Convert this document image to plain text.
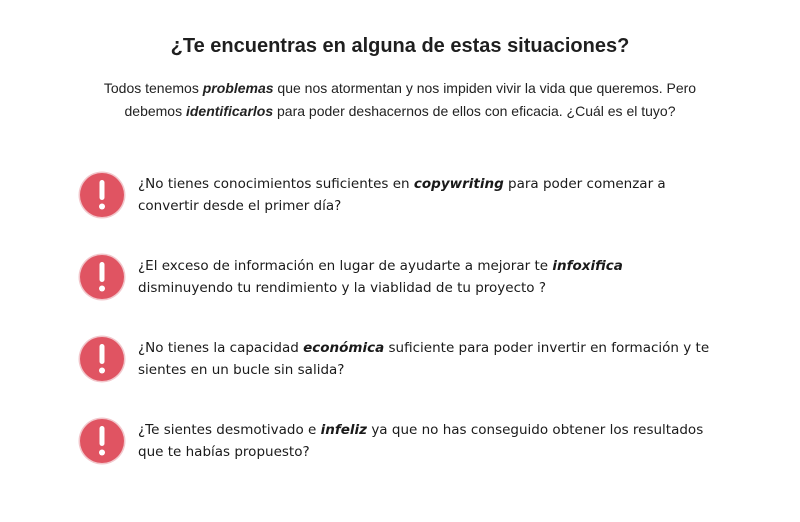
¿Te encuentras en alguna de estas situaciones?

Todos tenemos problemas que nos atormentan y nos impiden vivir la vida que queremos. Pero debemos identificarlos para poder deshacernos de ellos con eficacia. ¿Cuál es el tuyo?

¿No tienes conocimientos suficientes en copywriting para poder comenzar a convertir desde el primer día?

¿El exceso de información en lugar de ayudarte a mejorar te infoxifica disminuyendo tu rendimiento y la viablidad de tu proyecto ?

¿No tienes la capacidad económica suficiente para poder invertir en formación y te sientes en un bucle sin salida?

¿Te sientes desmotivado e infeliz ya que no has conseguido obtener los resultados que te habías propuesto?
